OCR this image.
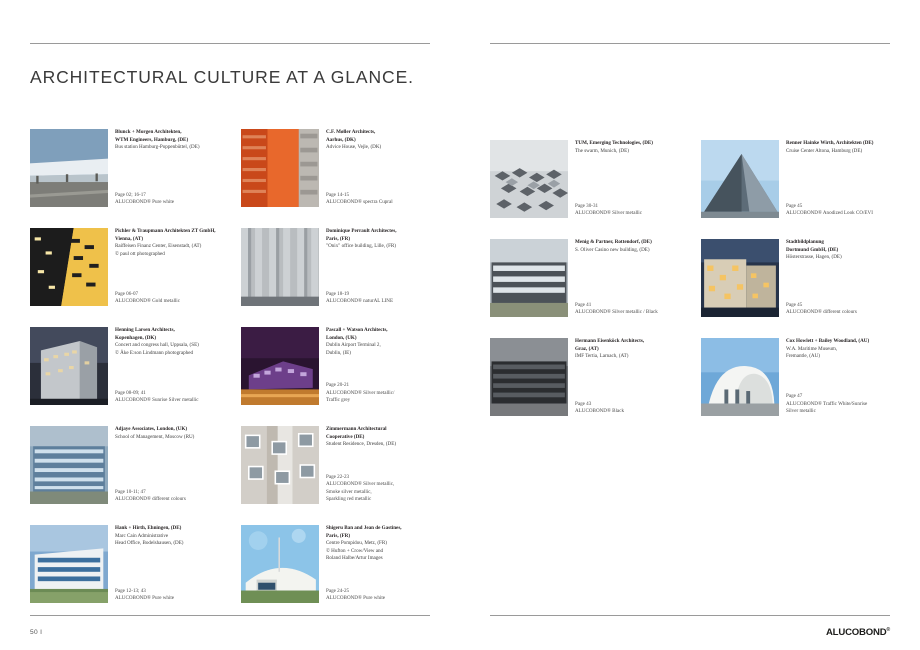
ARCHITECTURAL CULTURE AT A GLANCE.
Blunck + Morgen Architekten,
WTM Engineers, Hamburg, (DE)
Bus station Hamburg-Poppenbüttel, (DE)
Page 02; 16-17
ALUCOBOND® Pure white
C.F. Møller Architects,
Aarhus, (DK)
Advice House, Vejle, (DK)
Page 14-15
ALUCOBOND® spectra Cupral
Pichler & Traupmann Architekten ZT GmbH,
Vienna, (AT)
Raiffeisen Finanz Center, Eisenstadt, (AT)
© paul ott photographed
Page 06-07
ALUCOBOND® Gold metallic
Dominique Perrault Architectes,
Paris, (FR)
"Onix" office building, Lille, (FR)
Page 18-19
ALUCOBOND® naturAL LINE
Henning Larsen Architects,
Kopenhagen, (DK)
Concert and congress hall, Uppsala, (SE)
© Åke E:son Lindmann photographed
Page 08-09; 41
ALUCOBOND® Sunrise Silver metallic
Pascall + Watson Architects,
London, (UK)
Dublin Airport Terminal 2,
Dublin, (IE)
Page 20-21
ALUCOBOND® Silver metallic/
Traffic grey
Adjaye Associates, London, (UK)
School of Management, Moscow (RU)
Page 10-11; 47
ALUCOBOND® different colours
Zimmermann Architectural
Cooperative (DE)
Student Residence, Dresden, (DE)
Page 22-23
ALUCOBOND® Silver metallic,
Smoke silver metallic,
Sparkling red metallic
Hank + Hirth, Ehningen, (DE)
Marc Cain Administrative
Head Office, Bodelshausen, (DE)
Page 12-13; 43
ALUCOBOND® Pure white
Shigeru Ban and Jean de Gastines,
Paris, (FR)
Centre Pompidou, Metz, (FR)
© Hufton + Crow/View and
Roland Halbe/Artur Images
Page 24-25
ALUCOBOND® Pure white
50 I
TUM, Emerging Technologies, (DE)
The swarm, Munich, (DE)
Page 30-31
ALUCOBOND® Silver metallic
Renner Hainke Wirth, Architekten (DE)
Cruise Center Altona, Hamburg (DE)
Page 45
ALUCOBOND® Anodized Look CO/EVI
Menig & Partner, Rottendorf, (DE)
S. Oliver Casino new building, (DE)
Page 41
ALUCOBOND® Silver metallic / Black
Stadtbildplanung
Dortmund GmbH, (DE)
Hösterstrasse, Hagen, (DE)
Page 45
ALUCOBOND® different colours
Hermann Eisenköck Architects,
Graz, (AT)
IMF Tertia, Larnach, (AT)
Page 43
ALUCOBOND® Black
Cox Howlett + Bailey Woodland, (AU)
W.A. Maritime Museum,
Fremantle, (AU)
Page 47
ALUCOBOND® Traffic White/Sunrise
Silver metallic
ALUCOBOND®
